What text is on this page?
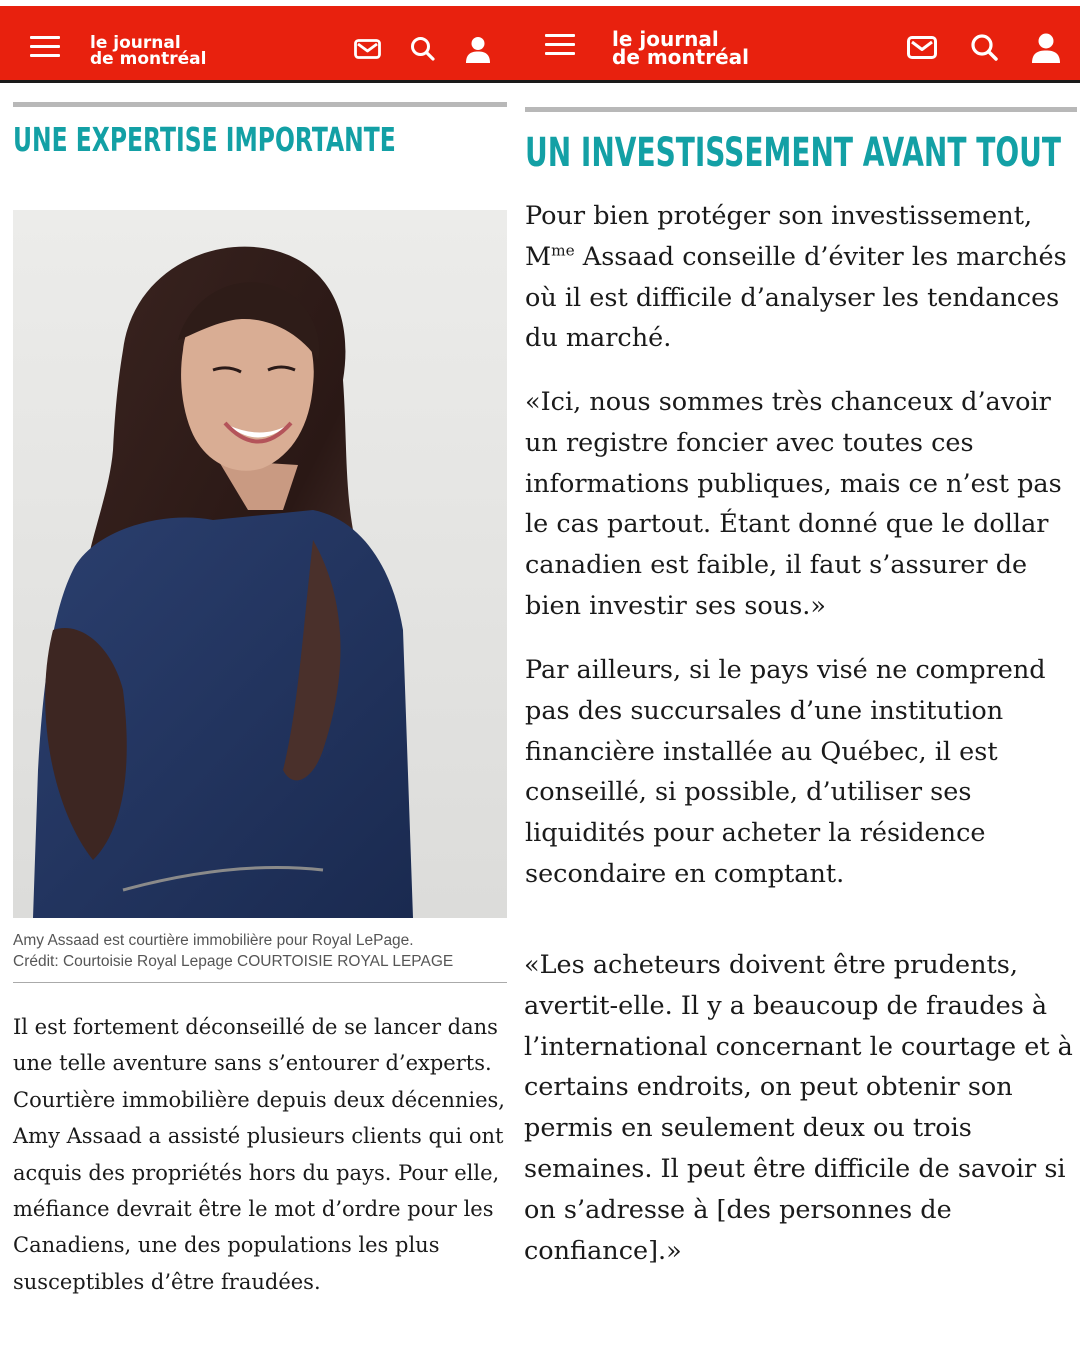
le journal
de montréal
UNE EXPERTISE IMPORTANTE
Amy Assaad est courtière immobilière pour Royal LePage.
Crédit: Courtoisie Royal Lepage COURTOISIE ROYAL LEPAGE

Il est fortement déconseillé de se lancer dans une telle aventure sans s’entourer d’experts. Courtière immobilière depuis deux décennies, Amy Assaad a assisté plusieurs clients qui ont acquis des propriétés hors du pays. Pour elle, méfiance devrait être le mot d’ordre pour les Canadiens, une des populations les plus susceptibles d’être fraudées.

le journal
de montréal
UN INVESTISSEMENT AVANT TOUT

Pour bien protéger son investissement, $M^{me}$ Assaad conseille d’éviter les marchés où il est difficile d’analyser les tendances du marché.

«Ici, nous sommes très chanceux d’avoir un registre foncier avec toutes ces informations publiques, mais ce n’est pas le cas partout. Étant donné que le dollar canadien est faible, il faut s’assurer de bien investir ses sous.»

Par ailleurs, si le pays visé ne comprend pas des succursales d’une institution financière installée au Québec, il est conseillé, si possible, d’utiliser ses liquidités pour acheter la résidence secondaire en comptant.

«Les acheteurs doivent être prudents, avertit-elle. Il y a beaucoup de fraudes à l’international concernant le courtage et à certains endroits, on peut obtenir son permis en seulement deux ou trois semaines. Il peut être difficile de savoir si on s’adresse à [des personnes de confiance].»
